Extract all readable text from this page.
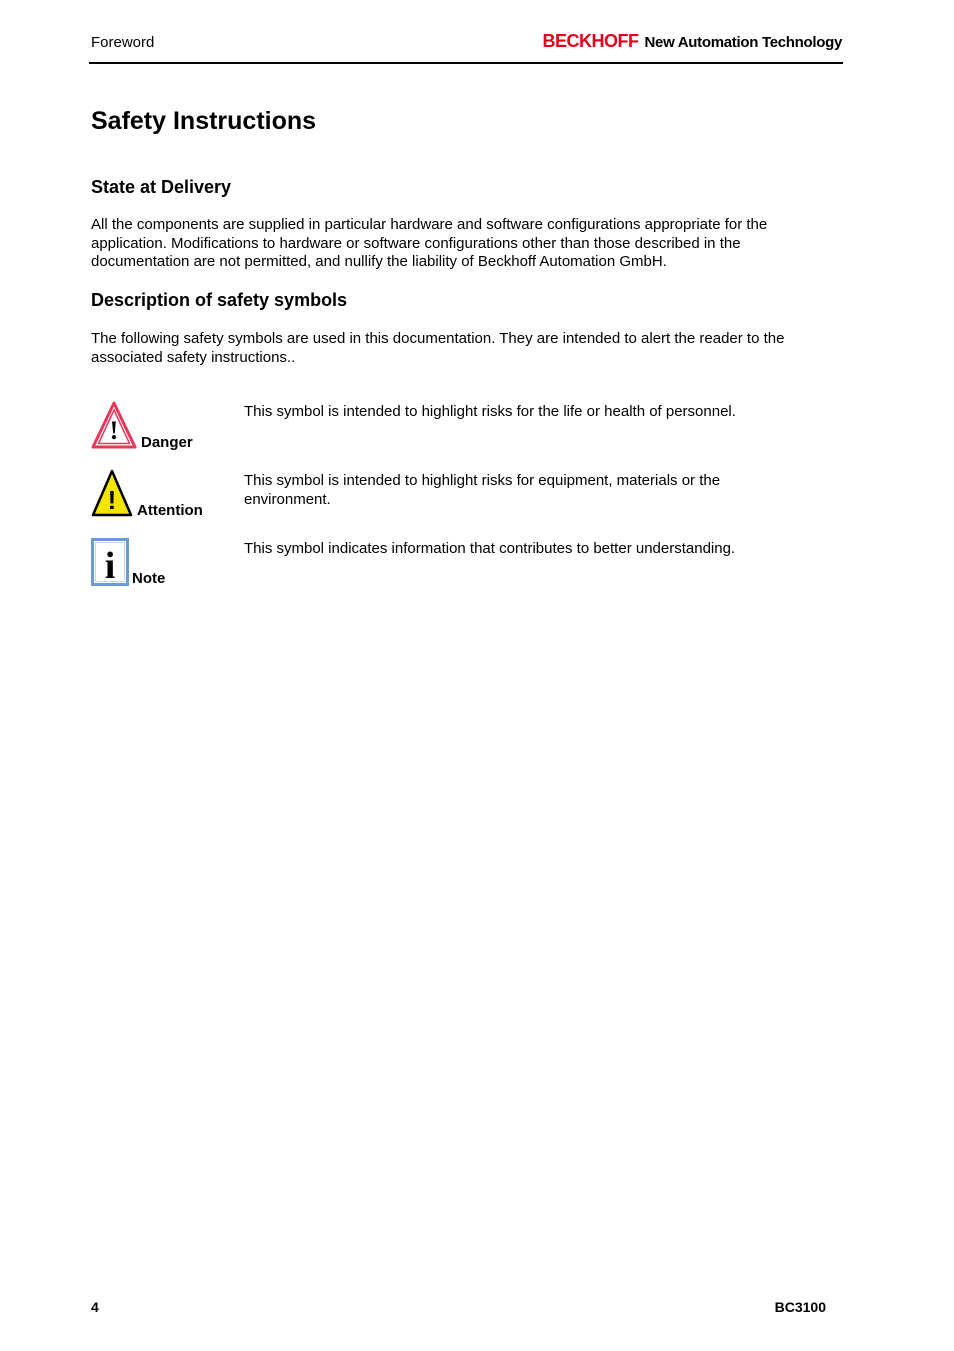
Foreword	BECKHOFF New Automation Technology
Safety Instructions
State at Delivery

All the components are supplied in particular hardware and software configurations appropriate for the application. Modifications to hardware or software configurations other than those described in the documentation are not permitted, and nullify the liability of Beckhoff Automation GmbH.

Description of safety symbols

The following safety symbols are used in this documentation. They are intended to alert the reader to the associated safety instructions..

! Danger

This symbol is intended to highlight risks for the life or health of personnel.

! Attention

This symbol is intended to highlight risks for equipment, materials or the environment.

i Note

This symbol indicates information that contributes to better understanding.

4	BC3100
